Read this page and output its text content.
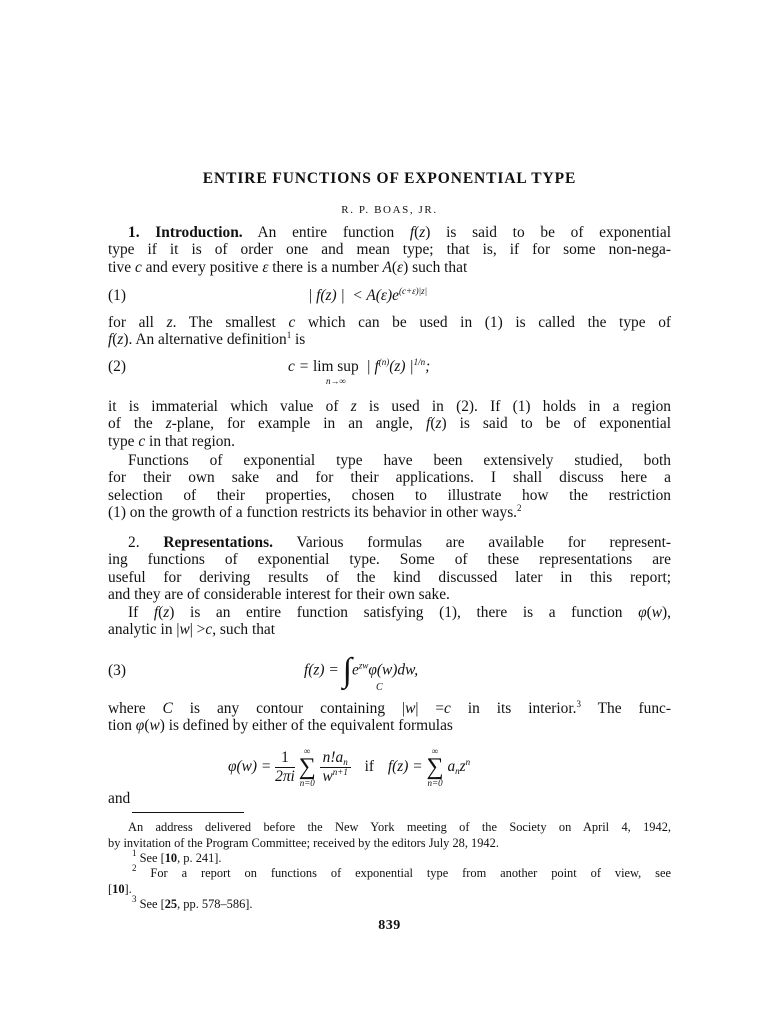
ENTIRE FUNCTIONS OF EXPONENTIAL TYPE
R. P. BOAS, JR.
1. Introduction. An entire function f(z) is said to be of exponential
type if it is of order one and mean type; that is, if for some non-nega-
tive c and every positive ε there is a number A(ε) such that
(1)	| f(z) |  < $A(\varepsilon)e^{(c+\varepsilon)|z|}$
for all z. The smallest c which can be used in (1) is called the type of
f(z). An alternative definition$^1$ is
(2)	c = lim sup  | $f^{(n)}(z)$ $|^{1/n}$;
n→∞
it is immaterial which value of z is used in (2). If (1) holds in a region
of the z-plane, for example in an angle, f(z) is said to be of exponential
type c in that region.
Functions of exponential type have been extensively studied, both
for their own sake and for their applications. I shall discuss here a
selection of their properties, chosen to illustrate how the restriction
(1) on the growth of a function restricts its behavior in other ways.$^2$
2. Representations. Various formulas are available for represent-
ing functions of exponential type. Some of these representations are
useful for deriving results of the kind discussed later in this report;
and they are of considerable interest for their own sake.
If f(z) is an entire function satisfying (1), there is a function φ(w),
analytic in |w| >c, such that
(3)	$f(z) = \int e^{zw}\varphi(w)dw$,
C
where C is any contour containing |w| =c in its interior.$^3$ The func-
tion φ(w) is defined by either of the equivalent formulas
$\varphi(w) = \frac{1}{2\pi i}$
	∞
∑
n=0
$\frac{n!a_n}{w^{n+1}}$ if f(z) =
∞
∑
n=0
$a_nz^n$
and
An address delivered before the New York meeting of the Society on April 4, 1942,
by invitation of the Program Committee; received by the editors July 28, 1942.
$^1$ See [10, p. 241].
$^2$ For a report on functions of exponential type from another point of view, see
[10].
$^3$ See [25, pp. 578–586].
839
